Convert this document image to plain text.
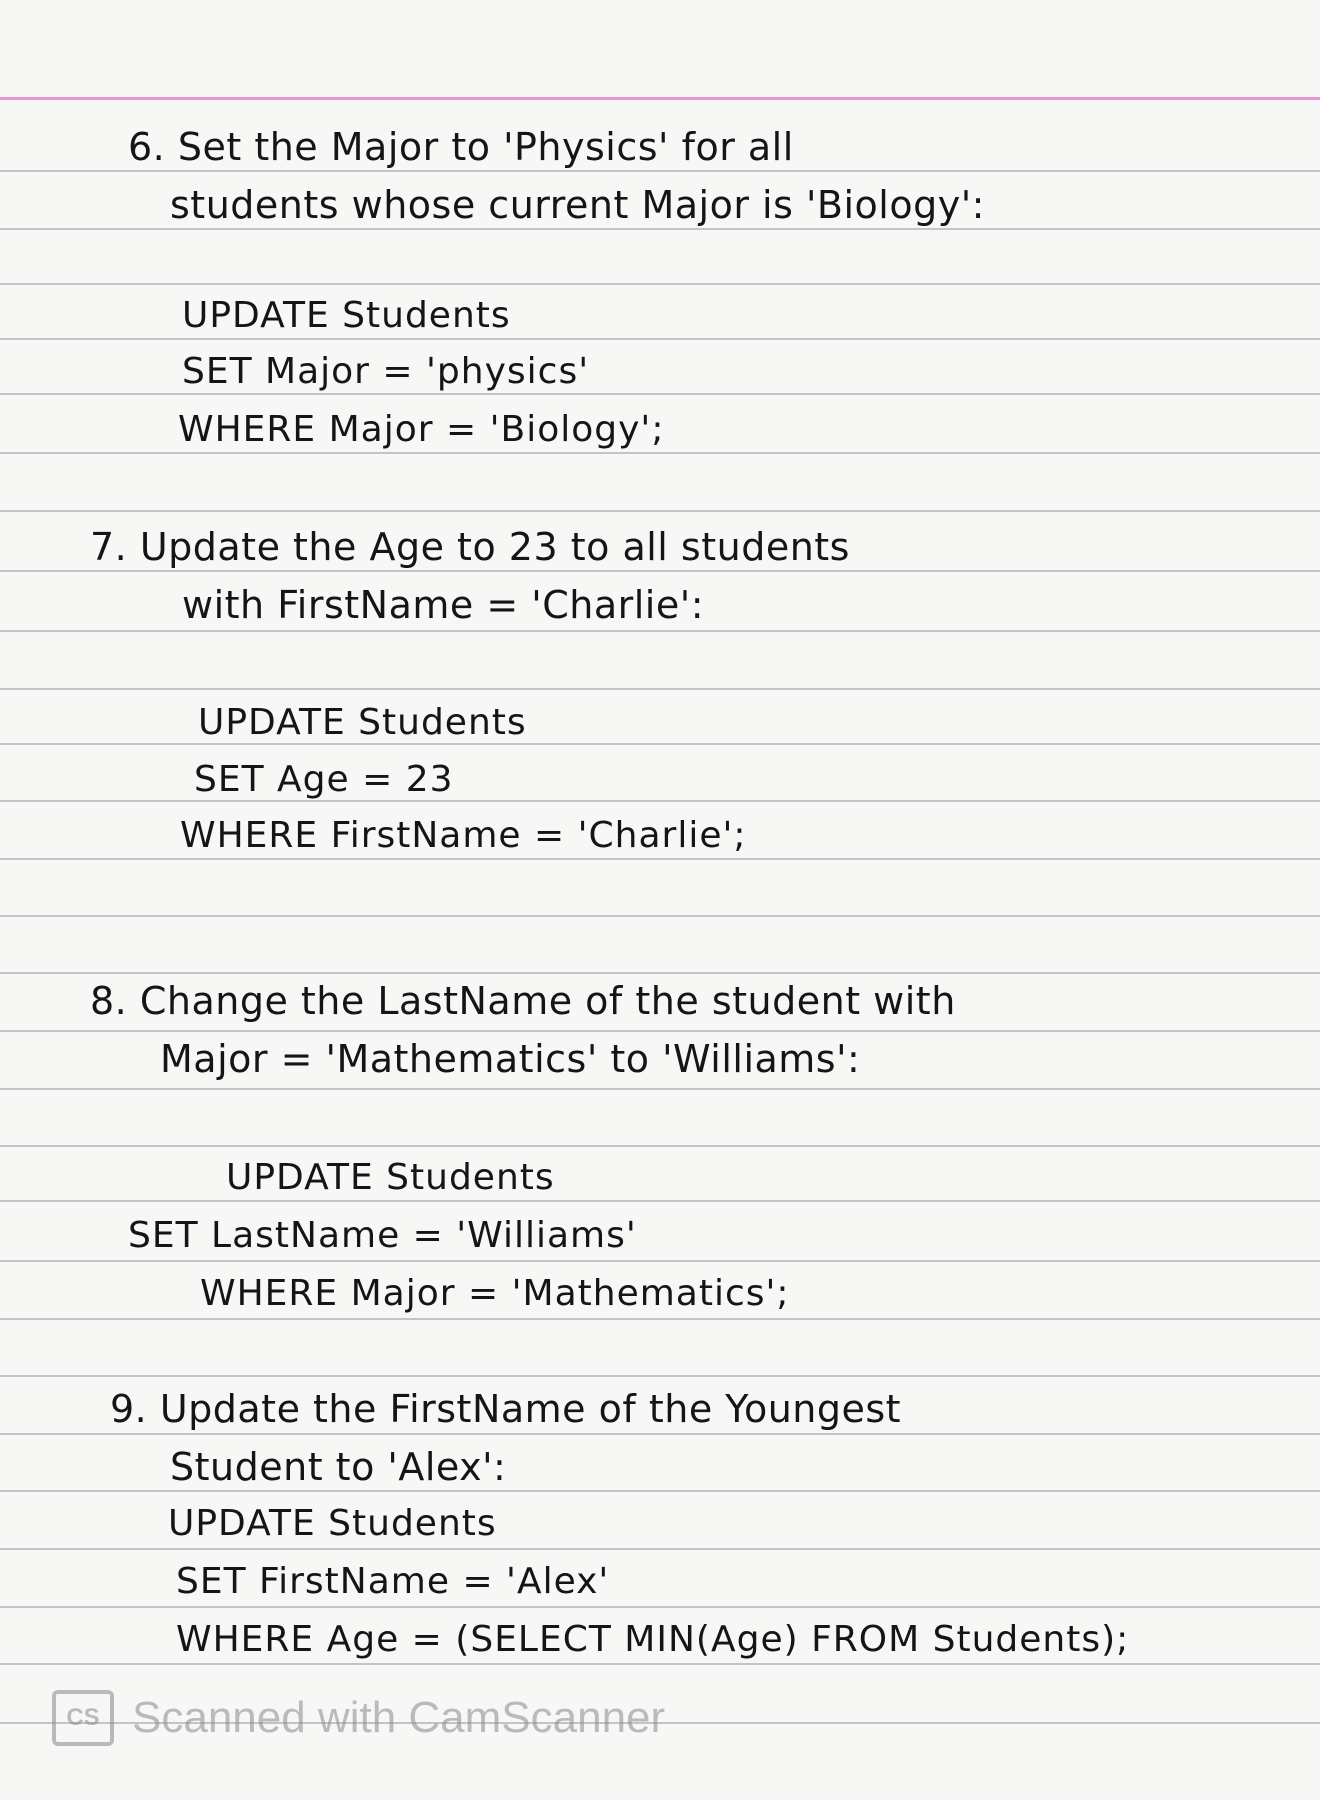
6. Set the Major to 'Physics' for all
students whose current Major is 'Biology':
UPDATE Students
SET Major = 'physics'
WHERE Major = 'Biology';
7. Update the Age to 23 to all students
with FirstName = 'Charlie':
UPDATE Students
SET Age = 23
WHERE FirstName = 'Charlie';
8. Change the LastName of the student with
Major = 'Mathematics' to 'Williams':
UPDATE Students
SET LastName = 'Williams'
WHERE Major = 'Mathematics';
9. Update the FirstName of the Youngest
Student to 'Alex':
UPDATE Students
SET FirstName = 'Alex'
WHERE Age = (SELECT MIN(Age) FROM Students);
CS Scanned with CamScanner
